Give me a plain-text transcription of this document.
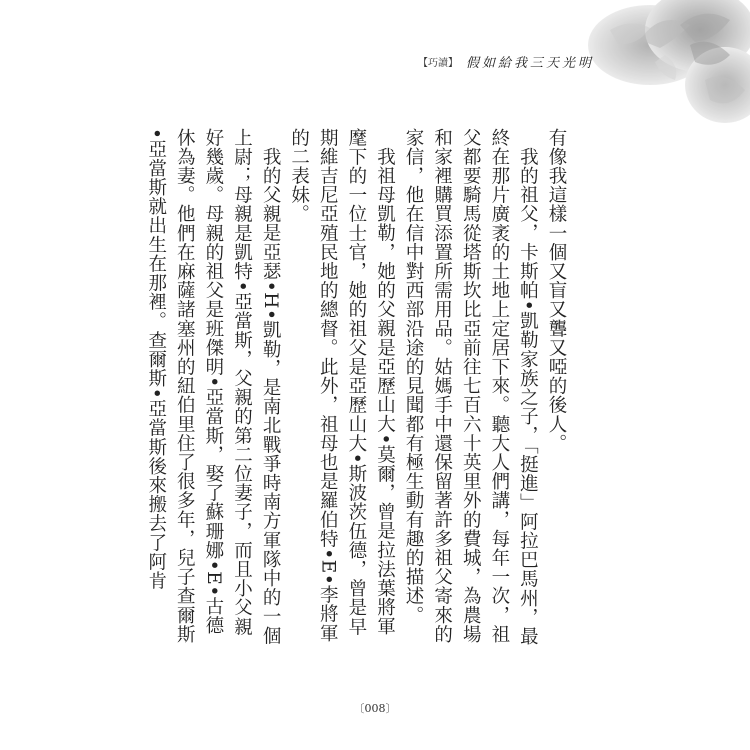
【巧讀】 假如給我三天光明

有像我這樣一個又盲又聾又啞的後人。

我的祖父，卡斯帕•凱勒家族之子，「挺進」阿拉巴馬州，最終在那片廣袤的土地上定居下來。聽大人們講，每年一次，祖父都要騎馬從塔斯坎比亞前往七百六十英里外的費城，為農場和家裡購買添置所需用品。姑媽手中還保留著許多祖父寄來的家信，他在信中對西部沿途的見聞都有極生動有趣的描述。

我祖母凱勒，她的父親是亞歷山大•莫爾，曾是拉法葉將軍麾下的一位士官，她的祖父是亞歷山大•斯波茨伍德，曾是早期維吉尼亞殖民地的總督。此外，祖母也是羅伯特•E•李將軍的二表妹。

我的父親是亞瑟•H•凱勒，是南北戰爭時南方軍隊中的一個上尉；母親是凱特•亞當斯，父親的第二位妻子，而且小父親好幾歲。母親的祖父是班傑明•亞當斯，娶了蘇珊娜•E•古德休為妻。他們在麻薩諸塞州的紐伯里住了很多年，兒子查爾斯•亞當斯就出生在那裡。查爾斯•亞當斯後來搬去了阿肯

〔008〕
